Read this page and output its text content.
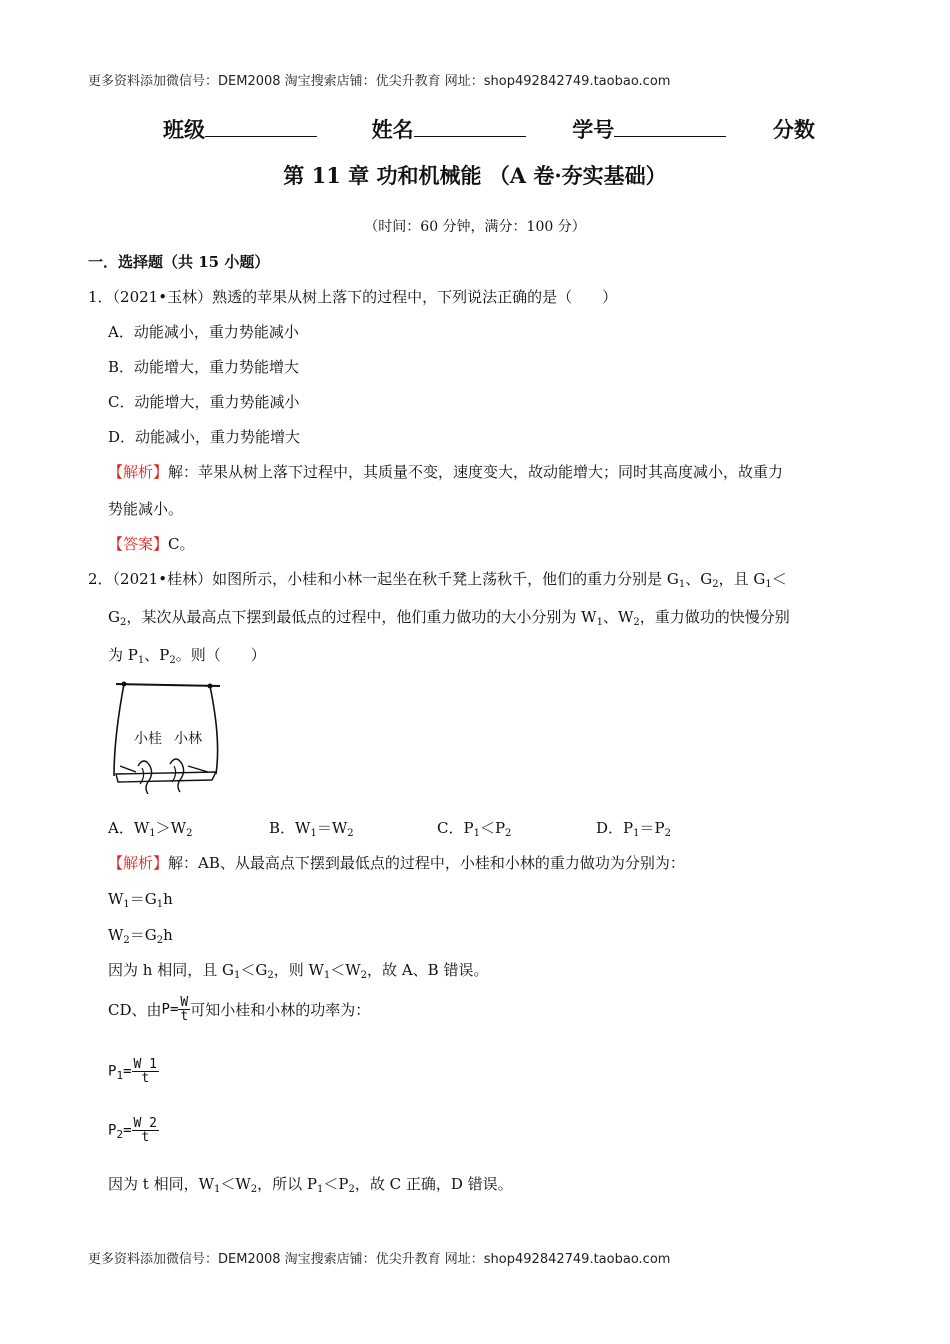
更多资料添加微信号：DEM2008 淘宝搜索店铺：优尖升教育 网址：shop492842749.taobao.com
班级	姓名	学号	分数
第 11 章 功和机械能 （A 卷·夯实基础）
（时间：60 分钟，满分：100 分）
一．选择题（共 15 小题）
1．（2021•玉林）熟透的苹果从树上落下的过程中，下列说法正确的是（　　）
A．动能减小，重力势能减小
B．动能增大，重力势能增大
C．动能增大，重力势能减小
D．动能减小，重力势能增大
【解析】解：苹果从树上落下过程中，其质量不变，速度变大，故动能增大；同时其高度减小，故重力
势能减小。
【答案】C。
2．（2021•桂林）如图所示，小桂和小林一起坐在秋千凳上荡秋千，他们的重力分别是 $G_1$、$G_2$，且 $G_1<$
$G_2$，某次从最高点下摆到最低点的过程中，他们重力做功的大小分别为 $W_1$、$W_2$，重力做功的快慢分别
为 $P_1$、$P_2$。则（　　）
小桂 小林
A．$W_1>W_2$	B．$W_1=W_2$	C．$P_1<P_2$	D．$P_1=P_2$
【解析】解：AB、从最高点下摆到最低点的过程中，小桂和小林的重力做功为分别为：
$W_1=G_1h$
$W_2=G_2h$
因为 h 相同，且 $G_1<G_2$，则 $W_1<W_2$，故 A、B 错误。
CD、由$P= \frac{W}{t}$ 可知小桂和小林的功率为：
$P_1= \frac{W 1}{t}$
$P_2= \frac{W 2}{t}$
因为 t 相同，$W_1<W_2$，所以 $P_1<P_2$，故 C 正确，D 错误。
更多资料添加微信号：DEM2008 淘宝搜索店铺：优尖升教育 网址：shop492842749.taobao.com
